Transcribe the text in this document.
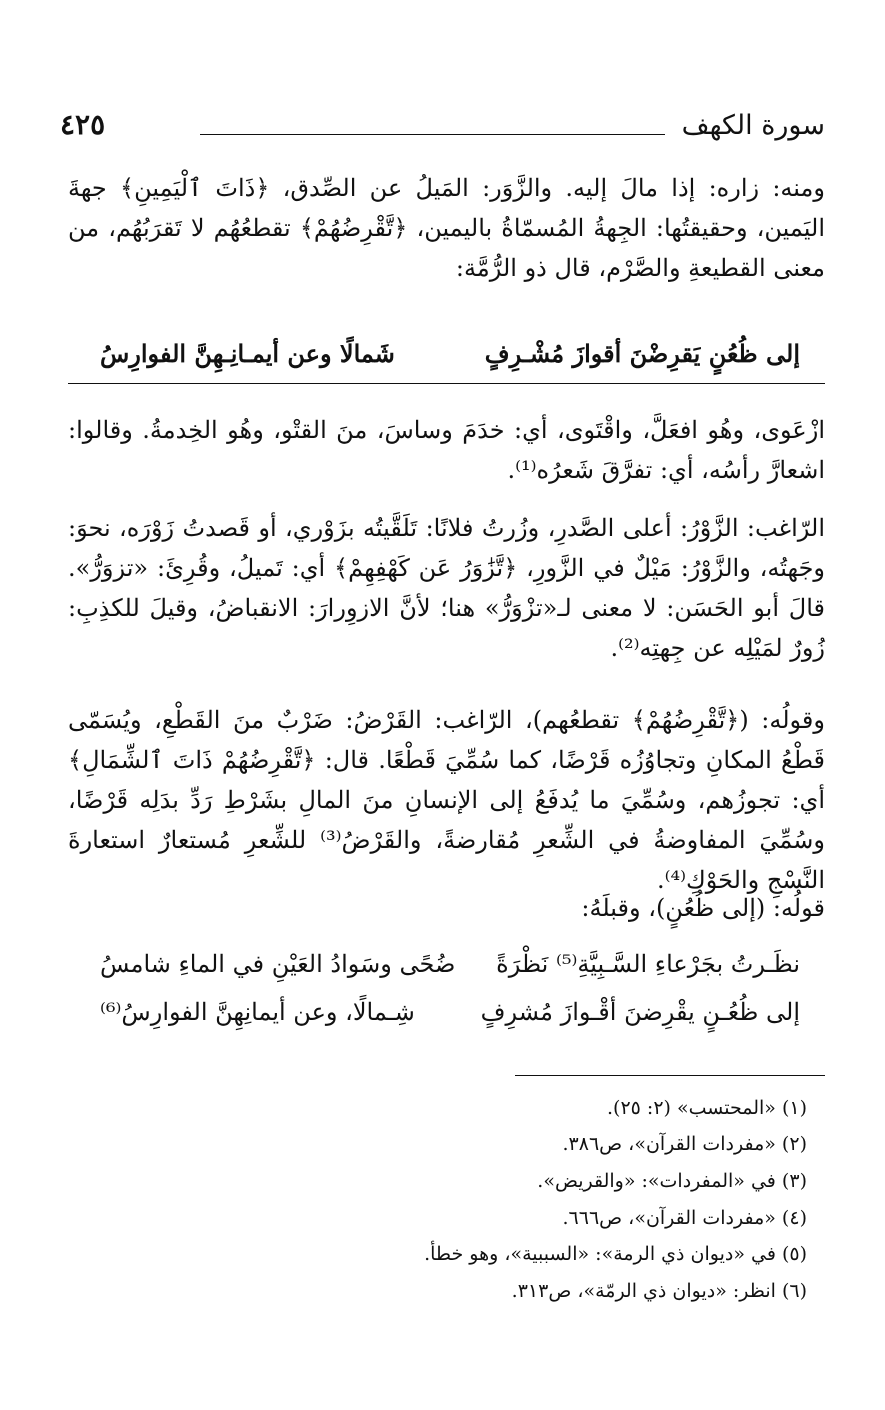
سورة الكهف
٤٢٥

ومنه: زاره: إذا مالَ إليه. والزَّوَر: المَيلُ عن الصِّدق، ﴿ذَاتَ ٱلْيَمِينِ﴾ جهةَ اليَمين، وحقيقتُها: الجِهةُ المُسمّاةُ باليمين، ﴿تَّقْرِضُهُمْ﴾ تقطعُهُم لا تَقرَبُهُم، من معنى القطيعةِ والصَّرْم، قال ذو الرُّمَّة:

إلى ظُعُنٍ يَقرِضْنَ أقوازَ مُشْـرِفٍ
شَمالًا وعن أيمـانِـهِنَّ الفوارِسُ

ازْعَوى، وهُو افعَلَّ، واقْتَوى، أي: خدَمَ وساسَ، منَ القتْو، وهُو الخِدمةُ. وقالوا: اشعارَّ رأسُه، أي: تفرَّقَ شَعرُه⁽¹⁾.

الرّاغب: الزَّوْرُ: أعلى الصَّدرِ، وزُرتُ فلانًا: تَلَقَّيتُه بزَوْري، أو قَصدتُ زَوْرَه، نحوَ: وجَهتُه، والزَّوْرُ: مَيْلٌ في الزَّورِ، ﴿تَّزَٰوَرُ عَن كَهْفِهِمْ﴾ أي: تَميلُ، وقُرِئَ: «تزوَرُّ». قالَ أبو الحَسَن: لا معنى لـ«تزْوَرُّ» هنا؛ لأنَّ الازوِرارَ: الانقباضُ، وقيلَ للكذِبِ: زُورٌ لمَيْلِه عن جِهتِه⁽²⁾.

وقولُه: (﴿تَّقْرِضُهُمْ﴾ تقطعُهم)، الرّاغب: القَرْضُ: ضَرْبٌ منَ القَطْعِ، ويُسَمّى قَطْعُ المكانِ وتجاوُزُه قَرْضًا، كما سُمِّيَ قَطْعًا. قال: ﴿تَّقْرِضُهُمْ ذَاتَ ٱلشِّمَالِ﴾ أي: تجوزُهم، وسُمِّيَ ما يُدفَعُ إلى الإنسانِ منَ المالِ بشَرْطِ رَدِّ بدَلِه قَرْضًا، وسُمِّيَ المفاوضةُ في الشِّعرِ مُقارضةً، والقَرْضُ⁽³⁾ للشِّعرِ مُستعارٌ استعارةَ النَّسْجِ والحَوْكِ⁽⁴⁾.

قولُه: (إلى ظُعُنٍ)، وقبلَهُ:

نظَـرتُ بجَرْعاءِ السَّـبِيَّةِ⁽⁵⁾ نَظْرَةً
ضُحًى وسَوادُ العَيْنِ في الماءِ شامسُ
إلى ظُعُـنٍ يقْرِضنَ أقْـوازَ مُشرِفٍ
شِـمالًا، وعن أيمانِهِنَّ الفوارِسُ⁽⁶⁾
(١) «المحتسب» (٢: ٢٥).
(٢) «مفردات القرآن»، ص٣٨٦.
(٣) في «المفردات»: «والقريض».
(٤) «مفردات القرآن»، ص٦٦٦.
(٥) في «ديوان ذي الرمة»: «السببية»، وهو خطأ.
(٦) انظر: «ديوان ذي الرمّة»، ص٣١٣.
